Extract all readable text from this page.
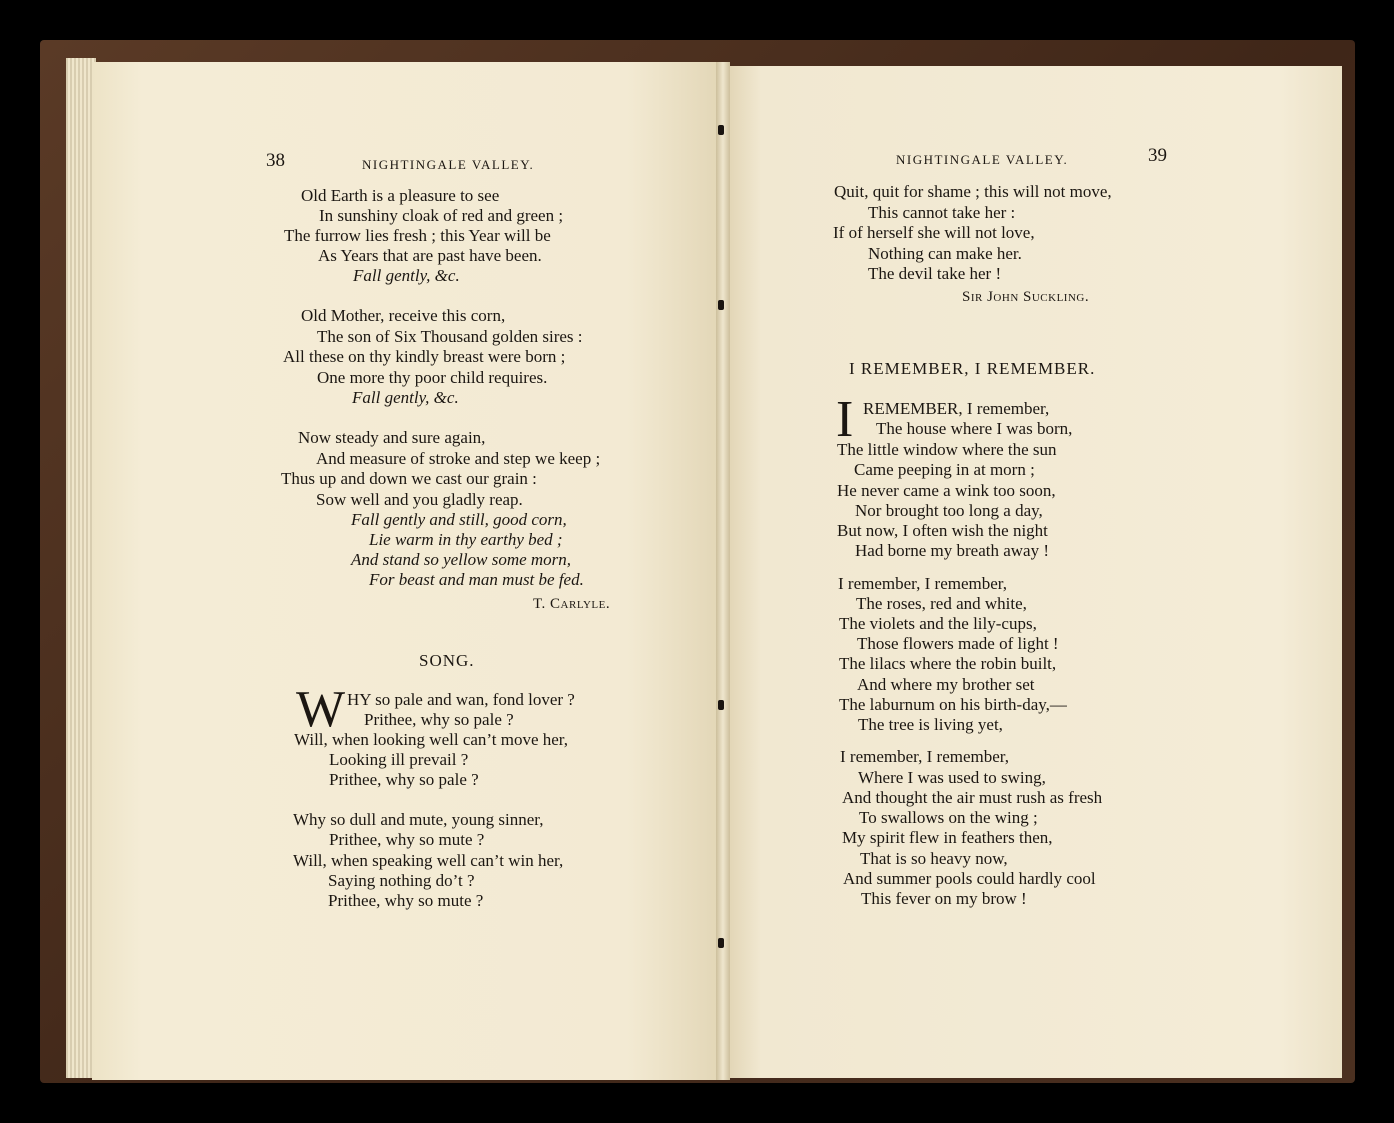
38	NIGHTINGALE VALLEY.
Old Earth is a pleasure to see
In sunshiny cloak of red and green ;
The furrow lies fresh ; this Year will be
As Years that are past have been.
Fall gently, &c.
Old Mother, receive this corn,
The son of Six Thousand golden sires :
All these on thy kindly breast were born ;
One more thy poor child requires.
Fall gently, &c.
Now steady and sure again,
And measure of stroke and step we keep ;
Thus up and down we cast our grain :
Sow well and you gladly reap.
Fall gently and still, good corn,
Lie warm in thy earthy bed ;
And stand so yellow some morn,
For beast and man must be fed.
T. Carlyle.
SONG.
W HY so pale and wan, fond lover ?
Prithee, why so pale ?
Will, when looking well can’t move her,
Looking ill prevail ?
Prithee, why so pale ?
Why so dull and mute, young sinner,
Prithee, why so mute ?
Will, when speaking well can’t win her,
Saying nothing do’t ?
Prithee, why so mute ?
NIGHTINGALE VALLEY.	39
Quit, quit for shame ; this will not move,
This cannot take her :
If of herself she will not love,
Nothing can make her.
The devil take her !
Sir John Suckling.
I REMEMBER, I REMEMBER.
I REMEMBER, I remember,
The house where I was born,
The little window where the sun
Came peeping in at morn ;
He never came a wink too soon,
Nor brought too long a day,
But now, I often wish the night
Had borne my breath away !
I remember, I remember,
The roses, red and white,
The violets and the lily-cups,
Those flowers made of light !
The lilacs where the robin built,
And where my brother set
The laburnum on his birth-day,—
The tree is living yet,
I remember, I remember,
Where I was used to swing,
And thought the air must rush as fresh
To swallows on the wing ;
My spirit flew in feathers then,
That is so heavy now,
And summer pools could hardly cool
This fever on my brow !
